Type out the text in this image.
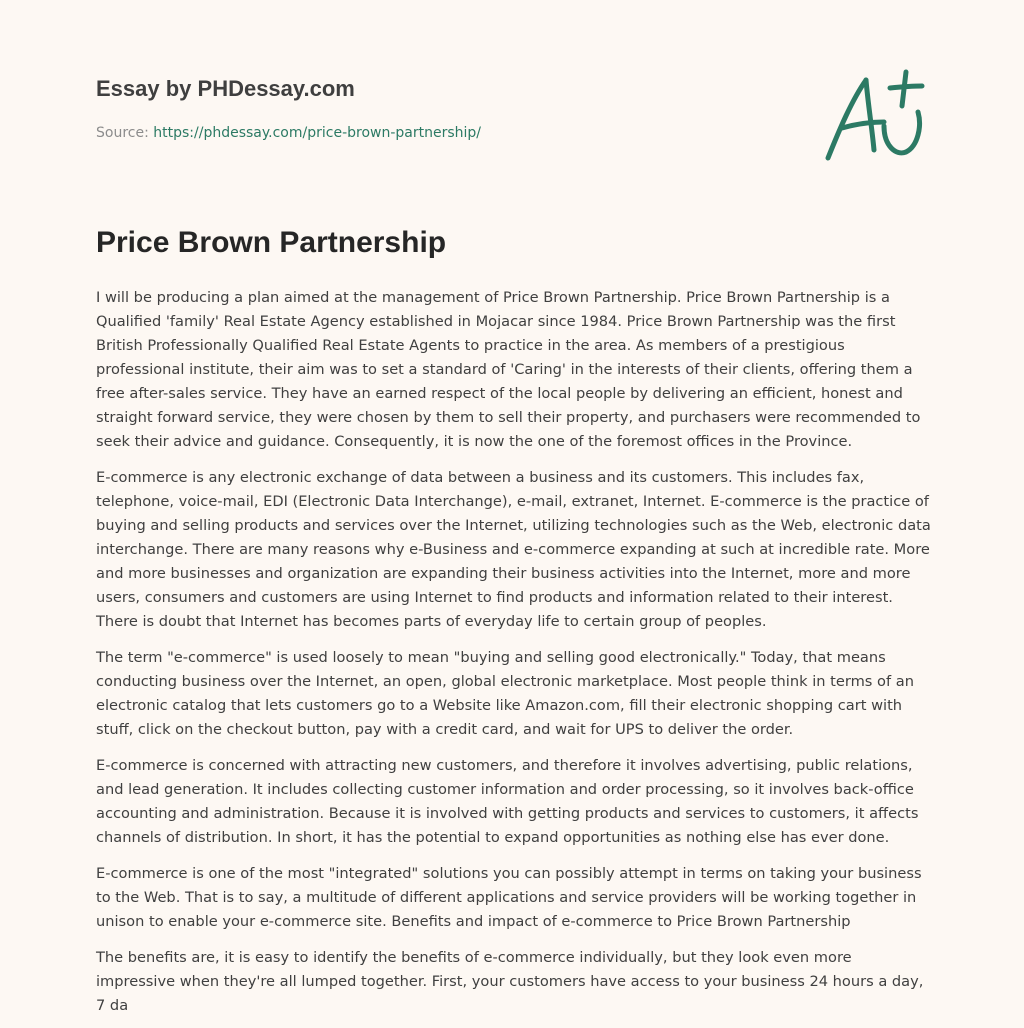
Essay by PHDessay.com
Source: https://phdessay.com/price-brown-partnership/
Price Brown Partnership

I will be producing a plan aimed at the management of Price Brown Partnership. Price Brown Partnership is a Qualified 'family' Real Estate Agency established in Mojacar since 1984. Price Brown Partnership was the first British Professionally Qualified Real Estate Agents to practice in the area. As members of a prestigious professional institute, their aim was to set a standard of 'Caring' in the interests of their clients, offering them a free after-sales service. They have an earned respect of the local people by delivering an efficient, honest and straight forward service, they were chosen by them to sell their property, and purchasers were recommended to seek their advice and guidance. Consequently, it is now the one of the foremost offices in the Province.

E-commerce is any electronic exchange of data between a business and its customers. This includes fax, telephone, voice-mail, EDI (Electronic Data Interchange), e-mail, extranet, Internet. E-commerce is the practice of buying and selling products and services over the Internet, utilizing technologies such as the Web, electronic data interchange. There are many reasons why e-Business and e-commerce expanding at such at incredible rate. More and more businesses and organization are expanding their business activities into the Internet, more and more users, consumers and customers are using Internet to find products and information related to their interest. There is doubt that Internet has becomes parts of everyday life to certain group of peoples.

The term "e-commerce" is used loosely to mean "buying and selling good electronically." Today, that means conducting business over the Internet, an open, global electronic marketplace. Most people think in terms of an electronic catalog that lets customers go to a Website like Amazon.com, fill their electronic shopping cart with stuff, click on the checkout button, pay with a credit card, and wait for UPS to deliver the order.

E-commerce is concerned with attracting new customers, and therefore it involves advertising, public relations, and lead generation. It includes collecting customer information and order processing, so it involves back-office accounting and administration. Because it is involved with getting products and services to customers, it affects channels of distribution. In short, it has the potential to expand opportunities as nothing else has ever done.

E-commerce is one of the most "integrated" solutions you can possibly attempt in terms on taking your business to the Web. That is to say, a multitude of different applications and service providers will be working together in unison to enable your e-commerce site. Benefits and impact of e-commerce to Price Brown Partnership

The benefits are, it is easy to identify the benefits of e-commerce individually, but they look even more impressive when they're all lumped together. First, your customers have access to your business 24 hours a day, 7 da
